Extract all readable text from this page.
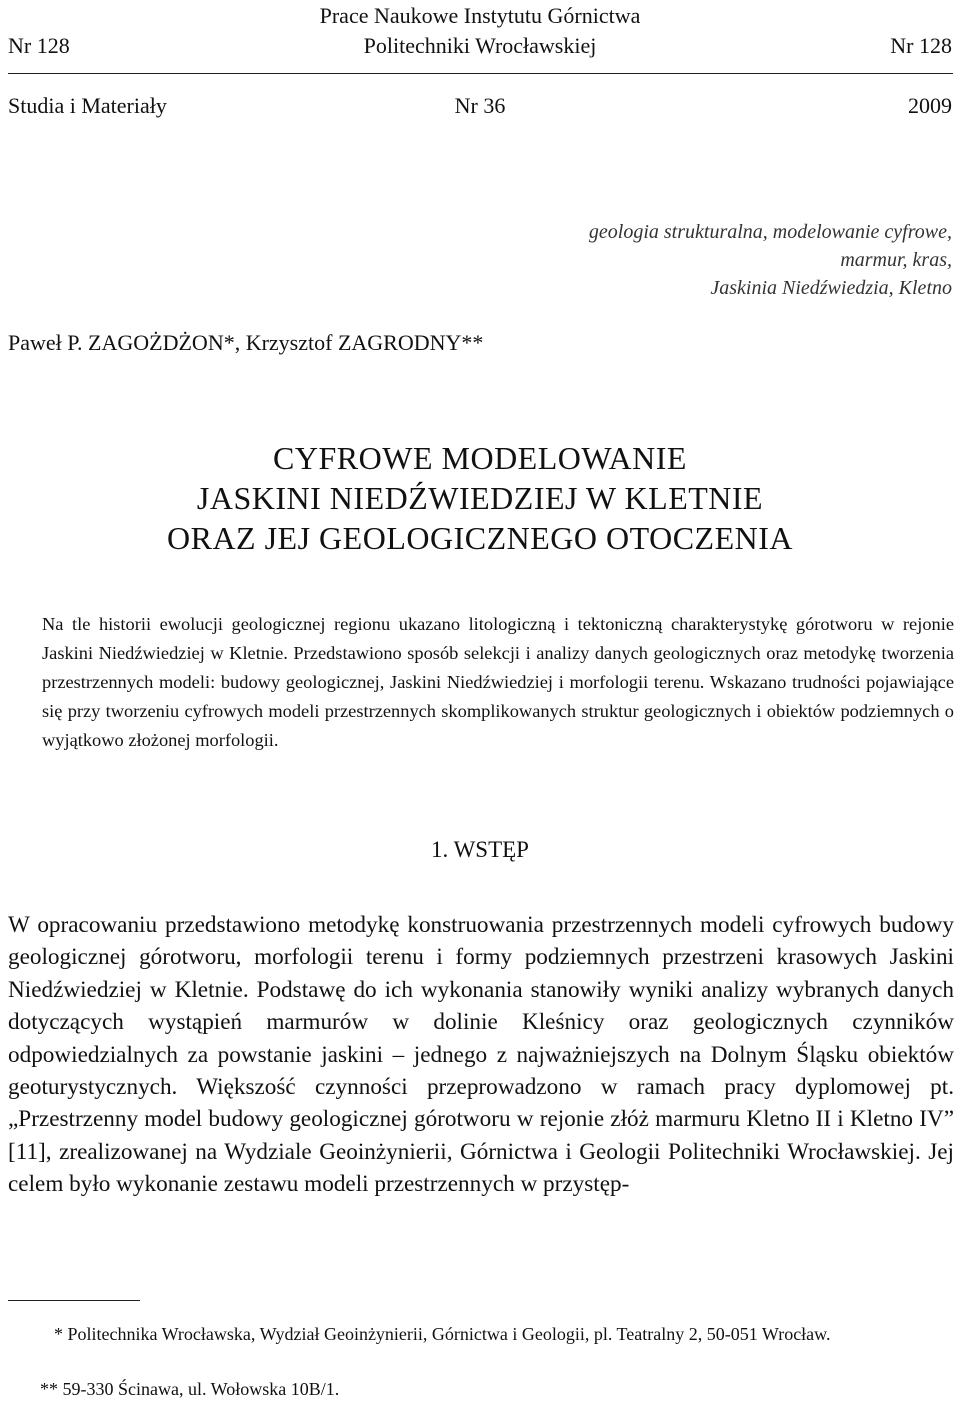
Prace Naukowe Instytutu Górnictwa
Nr 128	Politechniki Wrocławskiej	Nr 128
Studia i Materiały	Nr 36	2009
geologia strukturalna, modelowanie cyfrowe,
marmur, kras,
Jaskinia Niedźwiedzia, Kletno
Paweł P. ZAGOŻDŻON*, Krzysztof ZAGRODNY**
CYFROWE MODELOWANIE
JASKINI NIEDŹWIEDZIEJ W KLETNIE
ORAZ JEJ GEOLOGICZNEGO OTOCZENIA
Na tle historii ewolucji geologicznej regionu ukazano litologiczną i tektoniczną charakterystykę górotworu w rejonie Jaskini Niedźwiedziej w Kletnie. Przedstawiono sposób selekcji i analizy danych geologicznych oraz metodykę tworzenia przestrzennych modeli: budowy geologicznej, Jaskini Niedźwiedziej i morfologii terenu. Wskazano trudności pojawiające się przy tworzeniu cyfrowych modeli przestrzennych skomplikowanych struktur geologicznych i obiektów podziemnych o wyjątkowo złożonej morfologii.
1. WSTĘP
W opracowaniu przedstawiono metodykę konstruowania przestrzennych modeli cyfrowych budowy geologicznej górotworu, morfologii terenu i formy podziemnych przestrzeni krasowych Jaskini Niedźwiedziej w Kletnie. Podstawę do ich wykonania stanowiły wyniki analizy wybranych danych dotyczących wystąpień marmurów w dolinie Kleśnicy oraz geologicznych czynników odpowiedzialnych za powstanie jaskini – jednego z najważniejszych na Dolnym Śląsku obiektów geoturystycznych. Większość czynności przeprowadzono w ramach pracy dyplomowej pt. „Przestrzenny model budowy geologicznej górotworu w rejonie złóż marmuru Kletno II i Kletno IV” [11], zrealizowanej na Wydziale Geoinżynierii, Górnictwa i Geologii Politechniki Wrocławskiej. Jej celem było wykonanie zestawu modeli przestrzennych w przystęp-
* Politechnika Wrocławska, Wydział Geoinżynierii, Górnictwa i Geologii, pl. Teatralny 2, 50-051 Wrocław.
** 59-330 Ścinawa, ul. Wołowska 10B/1.
